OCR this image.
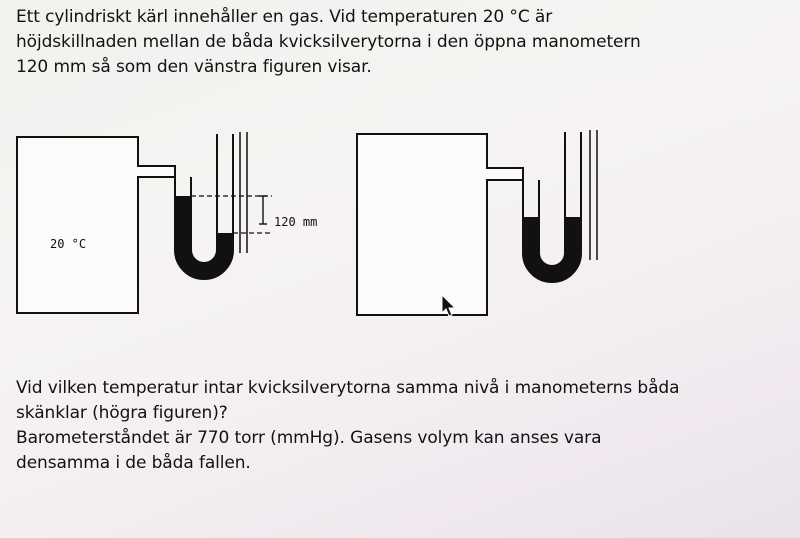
Ett cylindriskt kärl innehåller en gas. Vid temperaturen 20 °C är
höjdskillnaden mellan de båda kvicksilverytorna i den öppna manometern
120 mm så som den vänstra figuren visar.
120 mm
20 °C
Vid vilken temperatur intar kvicksilverytorna samma nivå i manometerns båda
skänklar (högra figuren)?
Barometerståndet är 770 torr (mmHg). Gasens volym kan anses vara
densamma i de båda fallen.
